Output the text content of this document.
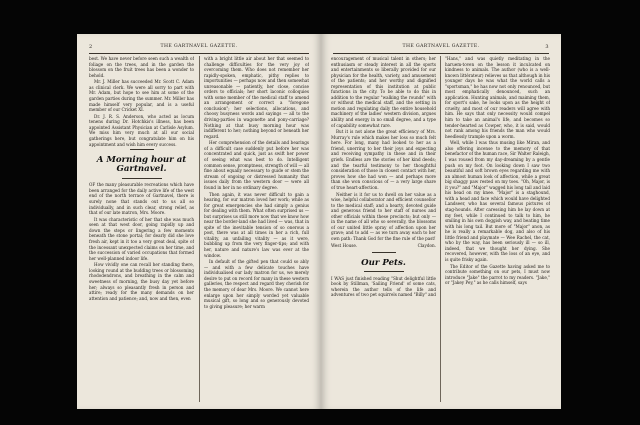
2	THE GARTNAVEL GAZETTE.

best. We have never before seen such a wealth of foliage on the trees, and in the garden the blossom on the fruit trees has been a wonder to behold.

Mr. J. Miller has succeeded Mr. Scott C. Adam as clinical clerk. We were all sorry to part with Mr. Adam, but hope to see him at some of the garden parties during the summer. Mr. Miller has made himself very popular, and is a useful member of our Cricket XI.

Dr. J. R. S. Anderson, who acted as locum tenens during Dr. Hotchkis's illness, has been appointed Assistant Physician at Carlisle Asylum. We miss him very much at all our social gatherings here, but congratulate him on his appointment and wish him every success.

A Morning hour at
Gartnavel.

OF the many pleasurable recreations which have been arranged for the daily active life of the west end of the north terrace of Gartnavel, there is surely none that stands out to us all so individually, and in such clear, strong relief, as that of our late matron, Mrs. Moore.

It was characteristic of her that she was much seen at that west door, going rapidly up and down the steps or lingering a few moments beneath the stone portal; for dearly did she love fresh air, kept in it too a very great deal, spite of the incessant unexpected claims on her time, and the succession of varied occupations that formed her well-planned indoor life.

How vividly one can recall her standing there, looking round at the budding trees or blossoming rhododendrons, and breathing in the calm and sweetness of morning, the busy day yet before her; always so pleasantly fresh in person and attire; ready for the many demands on her attention and patience; and, now and then, even

with a bright little air about her that seemed to challenge difficulties for the very joy of overcoming them. Who does not remember her rapidly-spoken, emphatic, pithy replies to importunities — perhaps now and then somewhat unreasonable — patiently, her close, concise orders to officials; her short laconic colloquies with some member of the medical staff to amend an arrangement or correct a "foregone conclusion"; her selections, allocations, and choosy busyness words and sayings — all to the driving-parties in wagonette and pony-carriage? Nothing at that busy morning hour was indifferent to her; nothing beyond or beneath her regard.

Her comprehension of the details and bearings of a difficult case suddenly put before her was concentrated and quick, just as swift her power of seeing what was best to do. Intelligent common sense, promptness, strength of will — all fine about equally necessary to guide or stem the stream of ongoing or distressed humanity that issues daily from the western door — were all found in her in no ordinary degree.

Then again, it was never difficult to gain a hearing, for our matron loved her work; while as for great emergencies she had simply a genius for dealing with them. What often surprised us — but surprises us still more now that we know how near the border-land she had lived — was, that in spite of the inevitable tension of so onerous a post, there was at all times in her a rich, full vitality, an unfailing vitality — as it were, bubbling up from the very finger-tips; and with her, nature and nature's law was ever at the window.

In default of the gifted pen that could so ably — and with a few delicate touches have individualised our lady matron for us, we merely desire to put on record for many in these western galleries, the respect and regard they cherish for the memory of dear Mrs. Moore. We cannot here enlarge upon her simply worded yet valuable musical gift, so long and so generously devoted to giving pleasure; her warm

THE GARTNAVEL GAZETTE.	3

encouragement of musical talent in others; her enthusiasm or steady interest in all the sports and entertainments so liberally provided for our physician for the health, variety, and amusement of the patients; and her worthy and dignified representation of this institution at public functions in the city. To be able to do this in addition to the regular "walking the rounds" with or without the medical staff, and the setting in motion and regulating daily the entire household machinery of the ladies' western division, argues ability and energy in no small degree, and a type of capability somewhat rare.

But it is not alone the great efficiency of Mrs. Murray's rule which makes her loss so much felt here. For long, many had looked to her as a friend, unerring to her their joys and expecting and receiving sympathy in these and in their griefs. Endless are the stories of her kind deeds; and the tearful testimony to her thoughtful consideration of those in closest contact with her, proves how she had won — and perhaps more than she won conscious of — a very large share of true heart-affection.

Neither is it for us to dwell on her value as a wise, helpful collaborator and efficient counsellor to the medical staff; and a hearty, devoted guide and generous friend to her staff of nurses and other officials within these precincts; but only — in the name of all who so severally, the blossoms of our united little spray of affection upon her grave; and to add — as we turn away each to her own path: Thank God for the fine rule of the past!

West House.	Claydon.
Our Pets.

I WAS just finished reading "Shut delightful little book by Stillman, 'Sailing Friend' of some cats, wherein the author tells of the life and adventures of two pet squirrels named "Billy" and

"Hans," and was quietly meditating in the haruem-toven on the lesson it inculcated on kindness to animals. The author (who is a well-known littérateur) relieves us that although in his younger days he was what the world calls a "sportsman," he has now not only renounced, but most emphatically denounced, such an application. Hunting animals, and maiming them, for sport's sake, he looks upon as the height of cruelty, and most of our readers will agree with him. He says that only necessity would compel him to take an animal's life, and becomes so tender-hearted as Cowper, who, it is said, would not rank among his friends the man who would heedlessly trample upon a worm.

Well, while I was thus musing like Miran, and also offering incense to the memory of that benefactor of the human race, Sir Walter Raleigh, I was roused from my day-dreaming by a gentle push on my foot. On looking down I saw two beautiful and soft brown eyes regarding me with an almost human look of affection, while a great big shaggy paw rested on my toes. "Oh, Major, is it you?" and "Major" wagged his long tail and laid his head on my knee. "Major" is a staghound, with a head and face which would have delighted Landseer, who has several famous pictures of stag-hounds. After caressing him he lay down at my feet, while I continued to talk to him, he smiling in his own doggish way, and beating time with his long tail. But more of "Major" anon, as he is really a remarkable dog, and also of his little friend and playmate — Wee Rachel, the cat, who by the way, has been seriously ill — so ill, indeed, that we thought her dying. She recovered, however, with the loss of an eye, and is quite frisky again.

The Editor of the Gazette having asked me to contribute something on our pets, I must now introduce "Jake" the parrot to my readers. "Jake," or "Jakey Pey," as he calls himself, says
